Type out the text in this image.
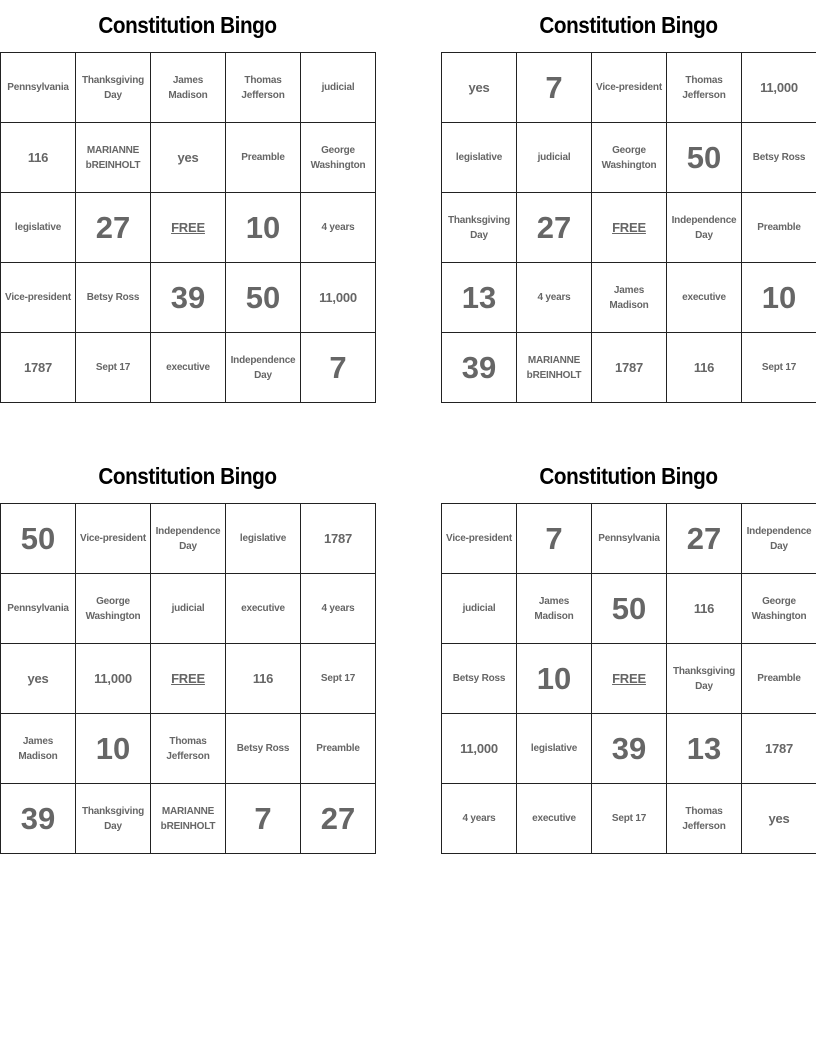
Constitution Bingo
Pennsylvania	Thanksgiving Day	James Madison	Thomas Jefferson	judicial
116	MARIANNE bREINHOLT	yes	Preamble	George Washington
legislative	27	FREE	10	4 years
Vice-president	Betsy Ross	39	50	11,000
1787	Sept 17	executive	Independence Day	7
Constitution Bingo
yes	7	Vice-president	Thomas Jefferson	11,000
legislative	judicial	George Washington	50	Betsy Ross
Thanksgiving Day	27	FREE	Independence Day	Preamble
13	4 years	James Madison	executive	10
39	MARIANNE bREINHOLT	1787	116	Sept 17
Constitution Bingo
50	Vice-president	Independence Day	legislative	1787
Pennsylvania	George Washington	judicial	executive	4 years
yes	11,000	FREE	116	Sept 17
James Madison	10	Thomas Jefferson	Betsy Ross	Preamble
39	Thanksgiving Day	MARIANNE bREINHOLT	7	27
Constitution Bingo
Vice-president	7	Pennsylvania	27	Independence Day
judicial	James Madison	50	116	George Washington
Betsy Ross	10	FREE	Thanksgiving Day	Preamble
11,000	legislative	39	13	1787
4 years	executive	Sept 17	Thomas Jefferson	yes
